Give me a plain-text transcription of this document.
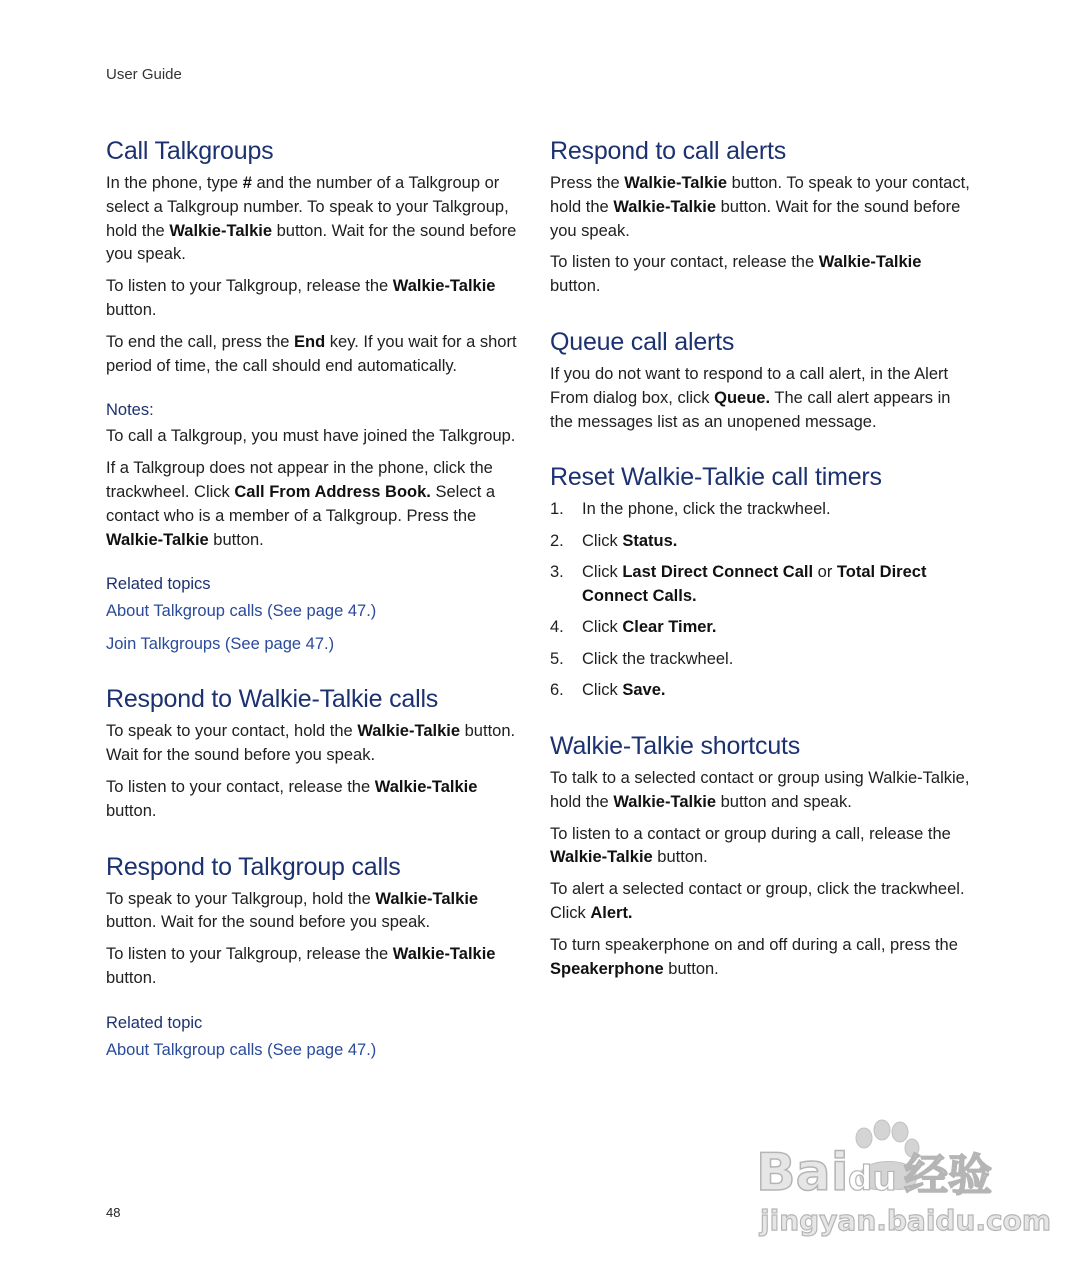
User Guide
Call Talkgroups

In the phone, type # and the number of a Talkgroup or select a Talkgroup number. To speak to your Talkgroup, hold the Walkie-Talkie button. Wait for the sound before you speak.

To listen to your Talkgroup, release the Walkie-Talkie button.

To end the call, press the End key. If you wait for a short period of time, the call should end automatically.

Notes:

To call a Talkgroup, you must have joined the Talkgroup.

If a Talkgroup does not appear in the phone, click the trackwheel. Click Call From Address Book. Select a contact who is a member of a Talkgroup. Press the Walkie-Talkie button.

Related topics
About Talkgroup calls (See page 47.)
Join Talkgroups (See page 47.)
Respond to Walkie-Talkie calls

To speak to your contact, hold the Walkie-Talkie button. Wait for the sound before you speak.

To listen to your contact, release the Walkie-Talkie button.

Respond to Talkgroup calls

To speak to your Talkgroup, hold the Walkie-Talkie button. Wait for the sound before you speak.

To listen to your Talkgroup, release the Walkie-Talkie button.

Related topic
About Talkgroup calls (See page 47.)
Respond to call alerts

Press the Walkie-Talkie button. To speak to your contact, hold the Walkie-Talkie button. Wait for the sound before you speak.

To listen to your contact, release the Walkie-Talkie button.

Queue call alerts

If you do not want to respond to a call alert, in the Alert From dialog box, click Queue. The call alert appears in the messages list as an unopened message.

Reset Walkie-Talkie call timers
1. In the phone, click the trackwheel.
2. Click Status.
3. Click Last Direct Connect Call or Total Direct Connect Calls.
4. Click Clear Timer.
5. Click the trackwheel.
6. Click Save.
Walkie-Talkie shortcuts

To talk to a selected contact or group using Walkie-Talkie, hold the Walkie-Talkie button and speak.

To listen to a contact or group during a call, release the Walkie-Talkie button.

To alert a selected contact or group, click the trackwheel. Click Alert.

To turn speakerphone on and off during a call, press the Speakerphone button.

48
Bai du 经验
jingyan.baidu.com
